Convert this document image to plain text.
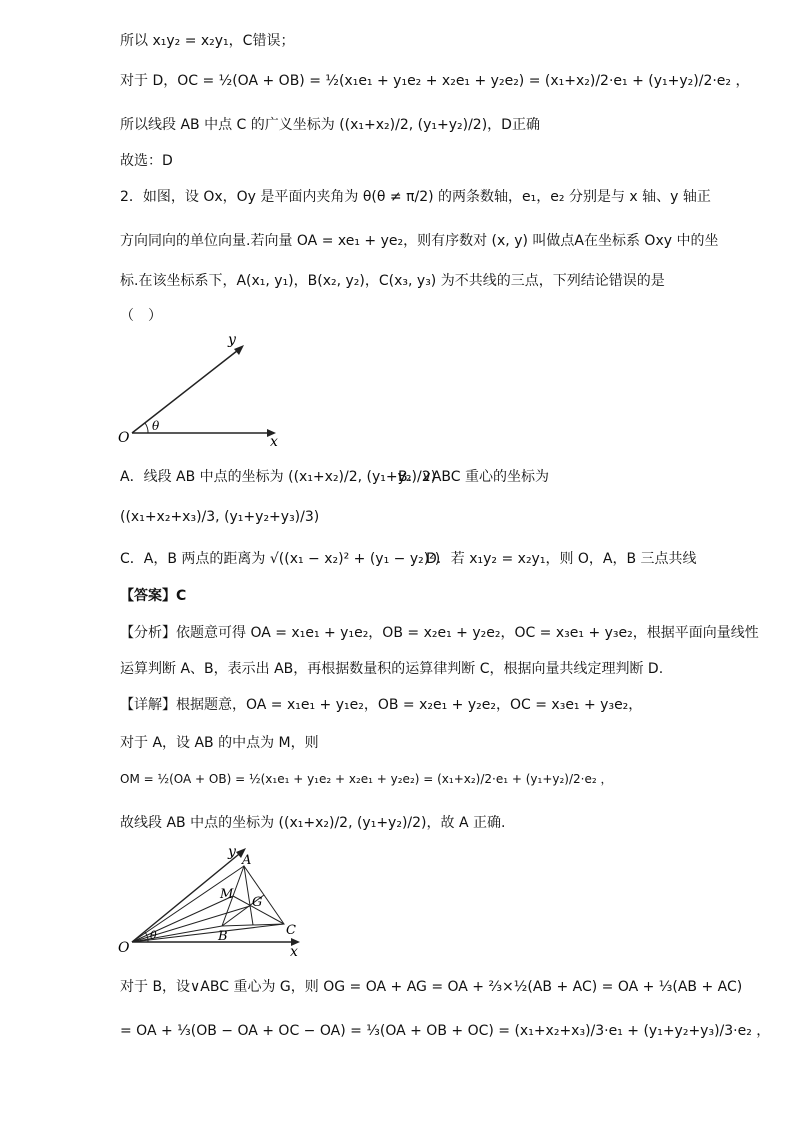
所以 x₁y₂ = x₂y₁，C错误；
对于 D，OC = ½(OA + OB) = ½(x₁e₁ + y₁e₂ + x₂e₁ + y₂e₂) = (x₁+x₂)/2·e₁ + (y₁+y₂)/2·e₂ ，
所以线段 AB 中点 C 的广义坐标为 ((x₁+x₂)/2, (y₁+y₂)/2)，D正确
故选：D
2．如图，设 Ox，Oy 是平面内夹角为 θ(θ ≠ π/2) 的两条数轴，e₁，e₂ 分别是与 x 轴、y 轴正
方向同向的单位向量.若向量 OA = xe₁ + ye₂，则有序数对 (x, y) 叫做点A在坐标系 Oxy 中的坐
标.在该坐标系下，A(x₁, y₁)，B(x₂, y₂)，C(x₃, y₃) 为不共线的三点，下列结论错误的是
（　）
O	x
y
θ
A．线段 AB 中点的坐标为 ((x₁+x₂)/2, (y₁+y₂)/2)
B．∨ABC 重心的坐标为
((x₁+x₂+x₃)/3, (y₁+y₂+y₃)/3)
C．A，B 两点的距离为 √((x₁ − x₂)² + (y₁ − y₂)²)
D．若 x₁y₂ = x₂y₁，则 O，A，B 三点共线
【答案】C
【分析】依题意可得 OA = x₁e₁ + y₁e₂，OB = x₂e₁ + y₂e₂，OC = x₃e₁ + y₃e₂，根据平面向量线性
运算判断 A、B，表示出 AB，再根据数量积的运算律判断 C，根据向量共线定理判断 D.
【详解】根据题意，OA = x₁e₁ + y₁e₂，OB = x₂e₁ + y₂e₂，OC = x₃e₁ + y₃e₂，
对于 A，设 AB 的中点为 M，则
OM = ½(OA + OB) = ½(x₁e₁ + y₁e₂ + x₂e₁ + y₂e₂) = (x₁+x₂)/2·e₁ + (y₁+y₂)/2·e₂ ，
故线段 AB 中点的坐标为 ((x₁+x₂)/2, (y₁+y₂)/2)，故 A 正确.
O	x
y
A
M
G
B	C
θ
对于 B，设∨ABC 重心为 G，则 OG = OA + AG = OA + ⅔×½(AB + AC) = OA + ⅓(AB + AC)
= OA + ⅓(OB − OA + OC − OA) = ⅓(OA + OB + OC) = (x₁+x₂+x₃)/3·e₁ + (y₁+y₂+y₃)/3·e₂ ，
